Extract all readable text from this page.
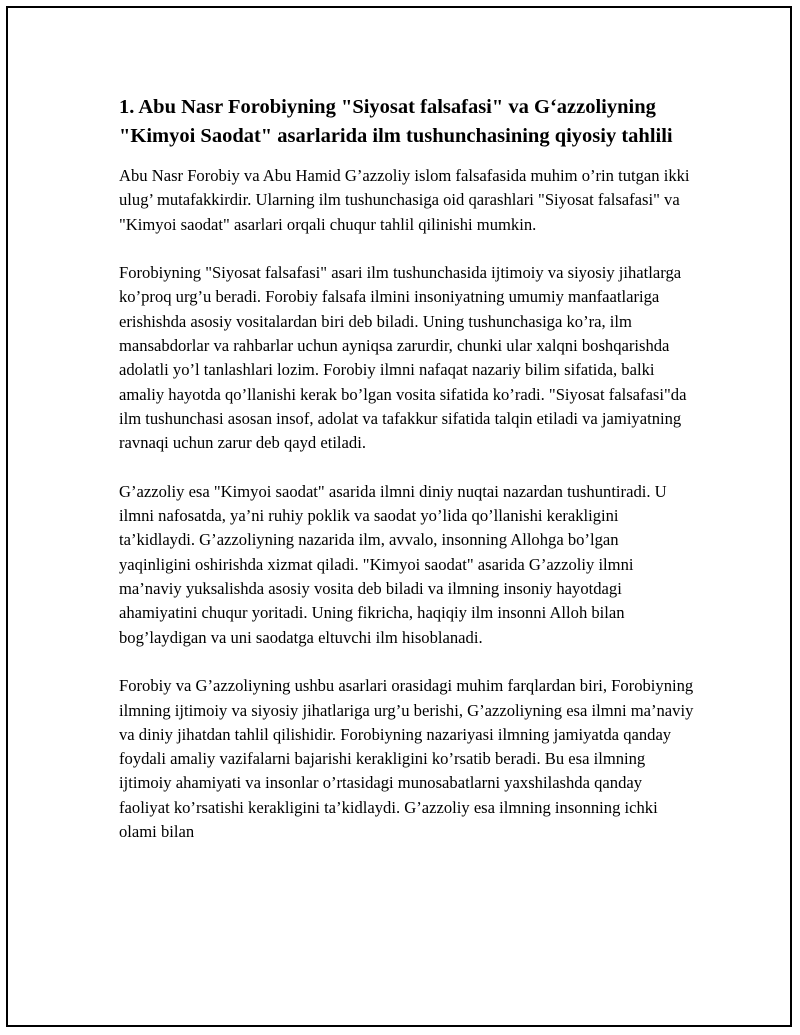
1. Abu Nasr Forobiyning "Siyosat falsafasi" va G‘azzoliyning "Kimyoi Saodat" asarlarida ilm tushunchasining qiyosiy tahlili

Abu Nasr Forobiy va Abu Hamid G’azzoliy islom falsafasida muhim o’rin tutgan ikki ulug’ mutafakkirdir. Ularning ilm tushunchasiga oid qarashlari "Siyosat falsafasi" va "Kimyoi saodat" asarlari orqali chuqur tahlil qilinishi mumkin.

Forobiyning "Siyosat falsafasi" asari ilm tushunchasida ijtimoiy va siyosiy jihatlarga ko’proq urg’u beradi. Forobiy falsafa ilmini insoniyatning umumiy manfaatlariga erishishda asosiy vositalardan biri deb biladi. Uning tushunchasiga ko’ra, ilm mansabdorlar va rahbarlar uchun ayniqsa zarurdir, chunki ular xalqni boshqarishda adolatli yo’l tanlashlari lozim. Forobiy ilmni nafaqat nazariy bilim sifatida, balki amaliy hayotda qo’llanishi kerak bo’lgan vosita sifatida ko’radi. "Siyosat falsafasi"da ilm tushunchasi asosan insof, adolat va tafakkur sifatida talqin etiladi va jamiyatning ravnaqi uchun zarur deb qayd etiladi.

G’azzoliy esa "Kimyoi saodat" asarida ilmni diniy nuqtai nazardan tushuntiradi. U ilmni nafosatda, ya’ni ruhiy poklik va saodat yo’lida qo’llanishi kerakligini ta’kidlaydi. G’azzoliyning nazarida ilm, avvalo, insonning Allohga bo’lgan yaqinligini oshirishda xizmat qiladi. "Kimyoi saodat" asarida G’azzoliy ilmni ma’naviy yuksalishda asosiy vosita deb biladi va ilmning insoniy hayotdagi ahamiyatini chuqur yoritadi. Uning fikricha, haqiqiy ilm insonni Alloh bilan bog’laydigan va uni saodatga eltuvchi ilm hisoblanadi.

Forobiy va G’azzoliyning ushbu asarlari orasidagi muhim farqlardan biri, Forobiyning ilmning ijtimoiy va siyosiy jihatlariga urg’u berishi, G’azzoliyning esa ilmni ma’naviy va diniy jihatdan tahlil qilishidir. Forobiyning nazariyasi ilmning jamiyatda qanday foydali amaliy vazifalarni bajarishi kerakligini ko’rsatib beradi. Bu esa ilmning ijtimoiy ahamiyati va insonlar o’rtasidagi munosabatlarni yaxshilashda qanday faoliyat ko’rsatishi kerakligini ta’kidlaydi. G’azzoliy esa ilmning insonning ichki olami bilan
